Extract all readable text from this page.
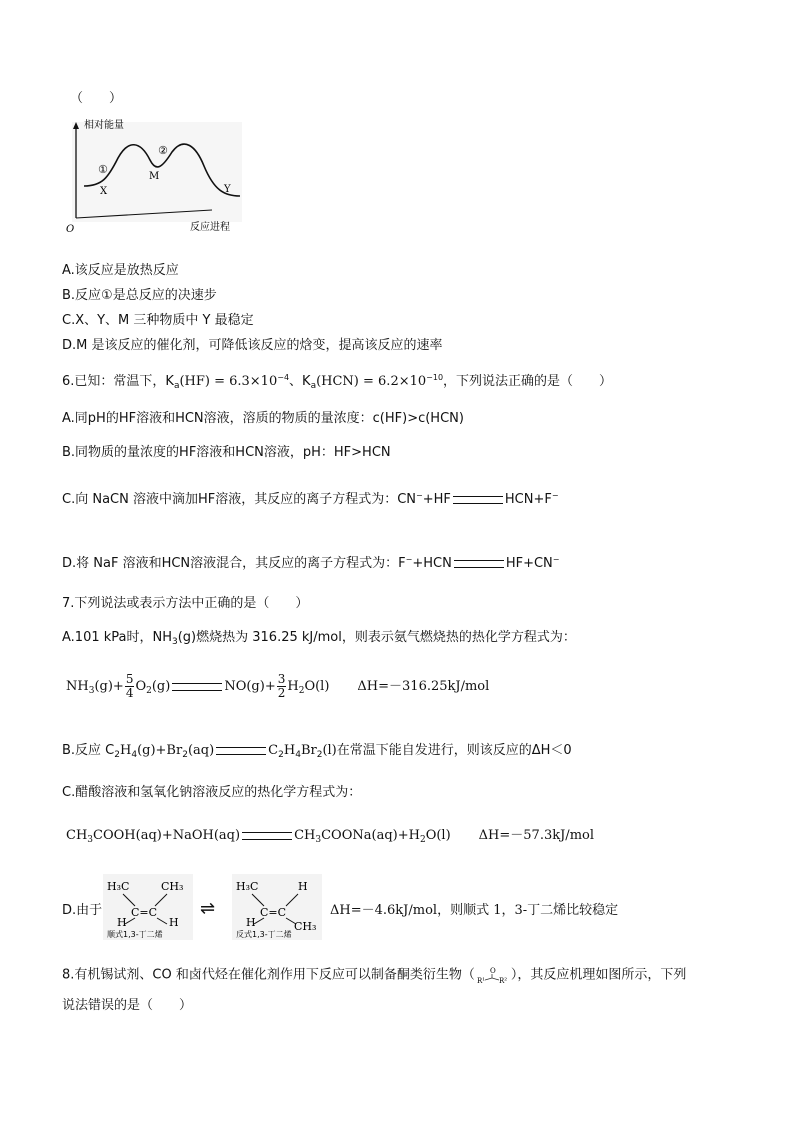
（　　）
相对能量
反应进程
O
①
②
X
M
Y
A.该反应是放热反应
B.反应①是总反应的决速步
C.X、Y、M 三种物质中 Y 最稳定
D.M 是该反应的催化剂，可降低该反应的焓变，提高该反应的速率
6.已知：常温下，$K_a(HF) = 6.3\times 10^{-4}$、$K_a(HCN) = 6.2\times 10^{-10}$，下列说法正确的是（　　）
A.同pH的HF溶液和HCN溶液，溶质的物质的量浓度：c(HF)>c(HCN)
B.同物质的量浓度的HF溶液和HCN溶液，pH：HF>HCN
C.向 NaCN 溶液中滴加HF溶液，其反应的离子方程式为：CN−+HF	HCN+F−
D.将 NaF 溶液和HCN溶液混合，其反应的离子方程式为：F−+HCN	HF+CN−
7.下列说法或表示方法中正确的是（　　）
A.101 kPa时，$NH_3(g)$燃烧热为 316.25 kJ/mol，则表示氨气燃烧热的热化学方程式为：
$NH_3(g)+ \frac{5}{4} O_2(g)$	$NO(g)+ \frac{3}{2} H_2O(l)$ ΔH=－316.25kJ/mol
B.反应 $C_2H_4(g)+Br_2(aq)$	$C_2H_4Br_2(l)$在常温下能自发进行，则该反应的ΔH＜0
C.醋酸溶液和氢氧化钠溶液反应的热化学方程式为：
$CH_3COOH(aq)+NaOH(aq)$	$CH_3COONa(aq)+H_2O(l)$ ΔH=－57.3kJ/mol
D.由于
H₃C	CH₃
C=C
H	H
顺式1,3-丁二烯
⇌
H₃C	H
C=C
H	CH₃
反式1,3-丁二烯
ΔH=－4.6kJ/mol，则顺式 1，3-丁二烯比较稳定
8.有机锡试剂、CO 和卤代烃在催化剂作用下反应可以制备酮类衍生物（ O
R¹ R² ），其反应机理如图所示，下列
说法错误的是（　　）
